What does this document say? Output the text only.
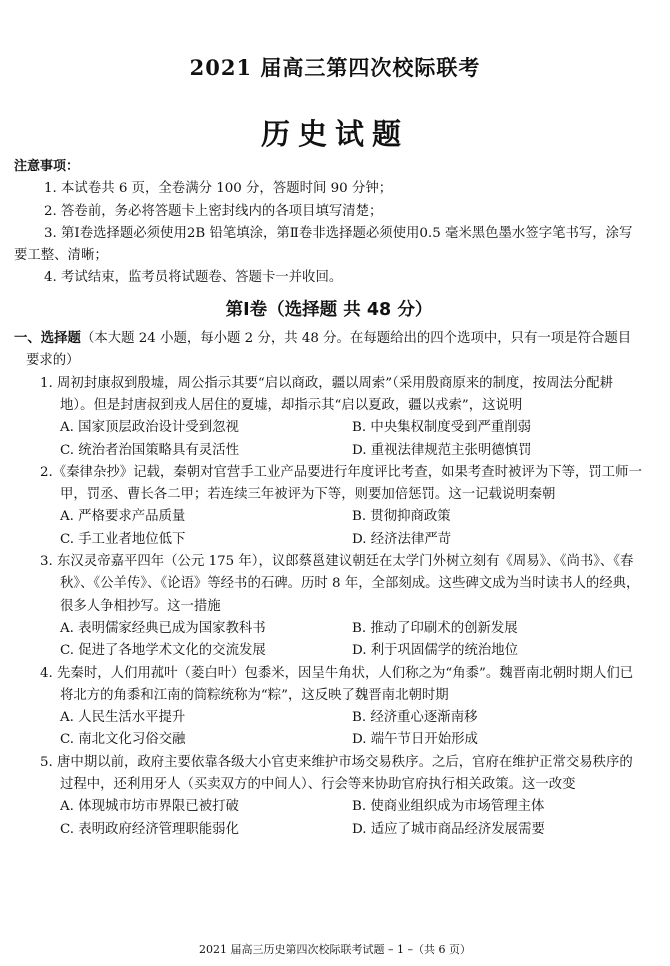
2021 届高三第四次校际联考
历史试题
注意事项：
1. 本试卷共 6 页，全卷满分 100 分，答题时间 90 分钟；
2. 答卷前，务必将答题卡上密封线内的各项目填写清楚；
3. 第Ⅰ卷选择题必须使用2B 铅笔填涂，第Ⅱ卷非选择题必须使用0.5 毫米黑色墨水签字笔书写，涂写要工整、清晰；
4. 考试结束，监考员将试题卷、答题卡一并收回。
第Ⅰ卷（选择题 共 48 分）
一、选择题（本大题 24 小题，每小题 2 分，共 48 分。在每题给出的四个选项中，只有一项是符合题目要求的）
1. 周初封康叔到殷墟，周公指示其要“启以商政，疆以周索”（采用殷商原来的制度，按周法分配耕地）。但是封唐叔到戎人居住的夏墟，却指示其“启以夏政，疆以戎索”，这说明
A. 国家顶层政治设计受到忽视	B. 中央集权制度受到严重削弱
C. 统治者治国策略具有灵活性	D. 重视法律规范主张明德慎罚
2.《秦律杂抄》记载，秦朝对官营手工业产品要进行年度评比考查，如果考查时被评为下等，罚工师一甲，罚丞、曹长各二甲；若连续三年被评为下等，则要加倍惩罚。这一记载说明秦朝
A. 严格要求产品质量	B. 贯彻抑商政策
C. 手工业者地位低下	D. 经济法律严苛
3. 东汉灵帝嘉平四年（公元 175 年），议郎蔡邕建议朝廷在太学门外树立刻有《周易》、《尚书》、《春秋》、《公羊传》、《论语》等经书的石碑。历时 8 年，全部刻成。这些碑文成为当时读书人的经典，很多人争相抄写。这一措施
A. 表明儒家经典已成为国家教科书	B. 推动了印刷术的创新发展
C. 促进了各地学术文化的交流发展	D. 利于巩固儒学的统治地位
4. 先秦时，人们用菰叶（菱白叶）包黍米，因呈牛角状，人们称之为“角黍”。魏晋南北朝时期人们已将北方的角黍和江南的筒粽统称为“粽”，这反映了魏晋南北朝时期
A. 人民生活水平提升	B. 经济重心逐渐南移
C. 南北文化习俗交融	D. 端午节日开始形成
5. 唐中期以前，政府主要依靠各级大小官吏来维护市场交易秩序。之后，官府在维护正常交易秩序的过程中，还利用牙人（买卖双方的中间人）、行会等来协助官府执行相关政策。这一改变
A. 体现城市坊市界限已被打破	B. 使商业组织成为市场管理主体
C. 表明政府经济管理职能弱化	D. 适应了城市商品经济发展需要
2021 届高三历史第四次校际联考试题 – 1 –（共 6 页）
